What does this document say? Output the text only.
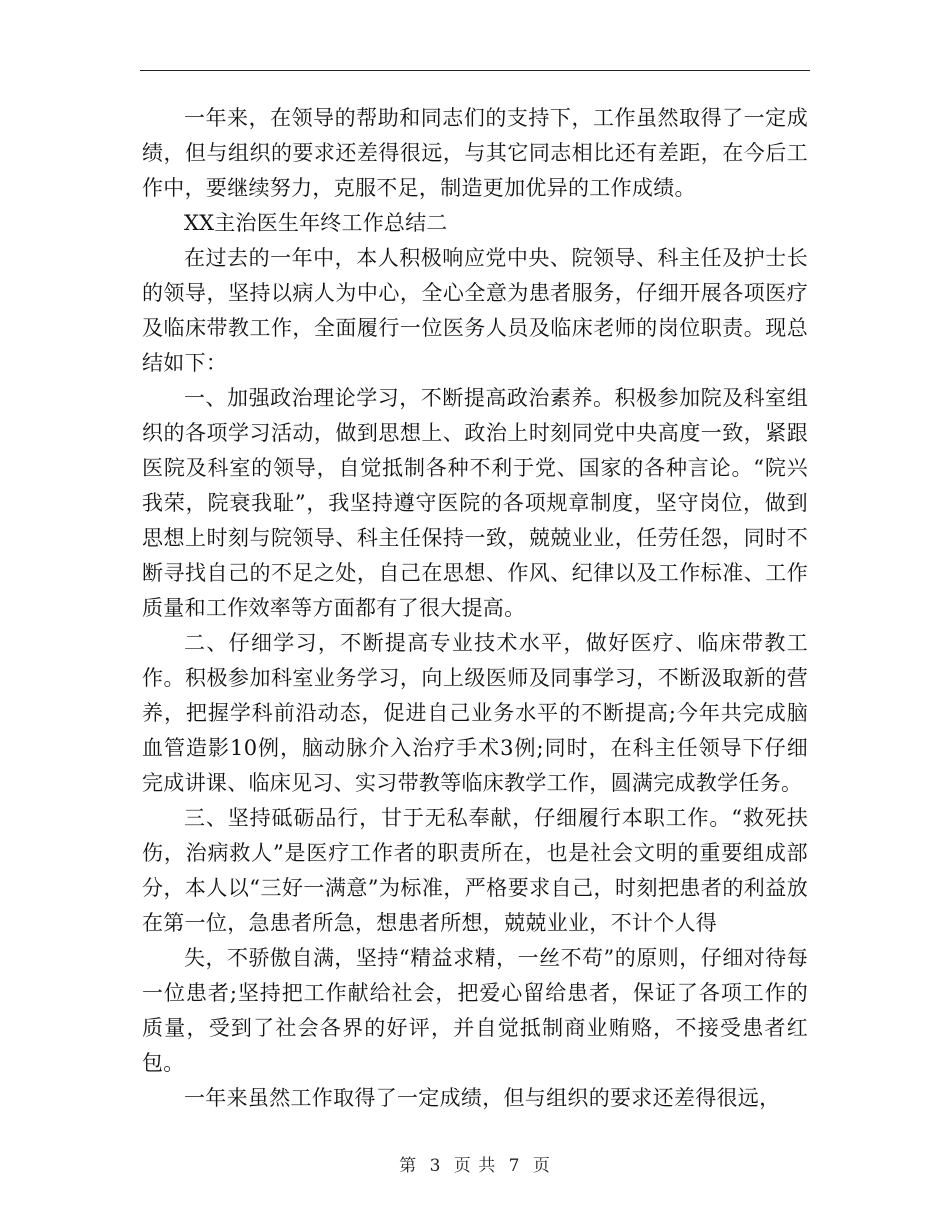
一年来，在领导的帮助和同志们的支持下，工作虽然取得了一定成绩，但与组织的要求还差得很远，与其它同志相比还有差距，在今后工作中，要继续努力，克服不足，制造更加优异的工作成绩。

XX主治医生年终工作总结二

在过去的一年中，本人积极响应党中央、院领导、科主任及护士长的领导，坚持以病人为中心，全心全意为患者服务，仔细开展各项医疗及临床带教工作，全面履行一位医务人员及临床老师的岗位职责。现总结如下：

一、加强政治理论学习，不断提高政治素养。积极参加院及科室组织的各项学习活动，做到思想上、政治上时刻同党中央高度一致，紧跟医院及科室的领导，自觉抵制各种不利于党、国家的各种言论。“院兴我荣，院衰我耻”，我坚持遵守医院的各项规章制度，坚守岗位，做到思想上时刻与院领导、科主任保持一致，兢兢业业，任劳任怨，同时不断寻找自己的不足之处，自己在思想、作风、纪律以及工作标准、工作质量和工作效率等方面都有了很大提高。

二、仔细学习，不断提高专业技术水平，做好医疗、临床带教工作。积极参加科室业务学习，向上级医师及同事学习，不断汲取新的营养，把握学科前沿动态，促进自己业务水平的不断提高;今年共完成脑血管造影10例，脑动脉介入治疗手术3例;同时，在科主任领导下仔细完成讲课、临床见习、实习带教等临床教学工作，圆满完成教学任务。

三、坚持砥砺品行，甘于无私奉献，仔细履行本职工作。“救死扶伤，治病救人”是医疗工作者的职责所在，也是社会文明的重要组成部分，本人以“三好一满意”为标准，严格要求自己，时刻把患者的利益放在第一位，急患者所急，想患者所想，兢兢业业，不计个人得

失，不骄傲自满，坚持“精益求精，一丝不苟”的原则，仔细对待每一位患者;坚持把工作献给社会，把爱心留给患者，保证了各项工作的质量，受到了社会各界的好评，并自觉抵制商业贿赂，不接受患者红包。

一年来虽然工作取得了一定成绩，但与组织的要求还差得很远，

第 3 页 共 7 页
